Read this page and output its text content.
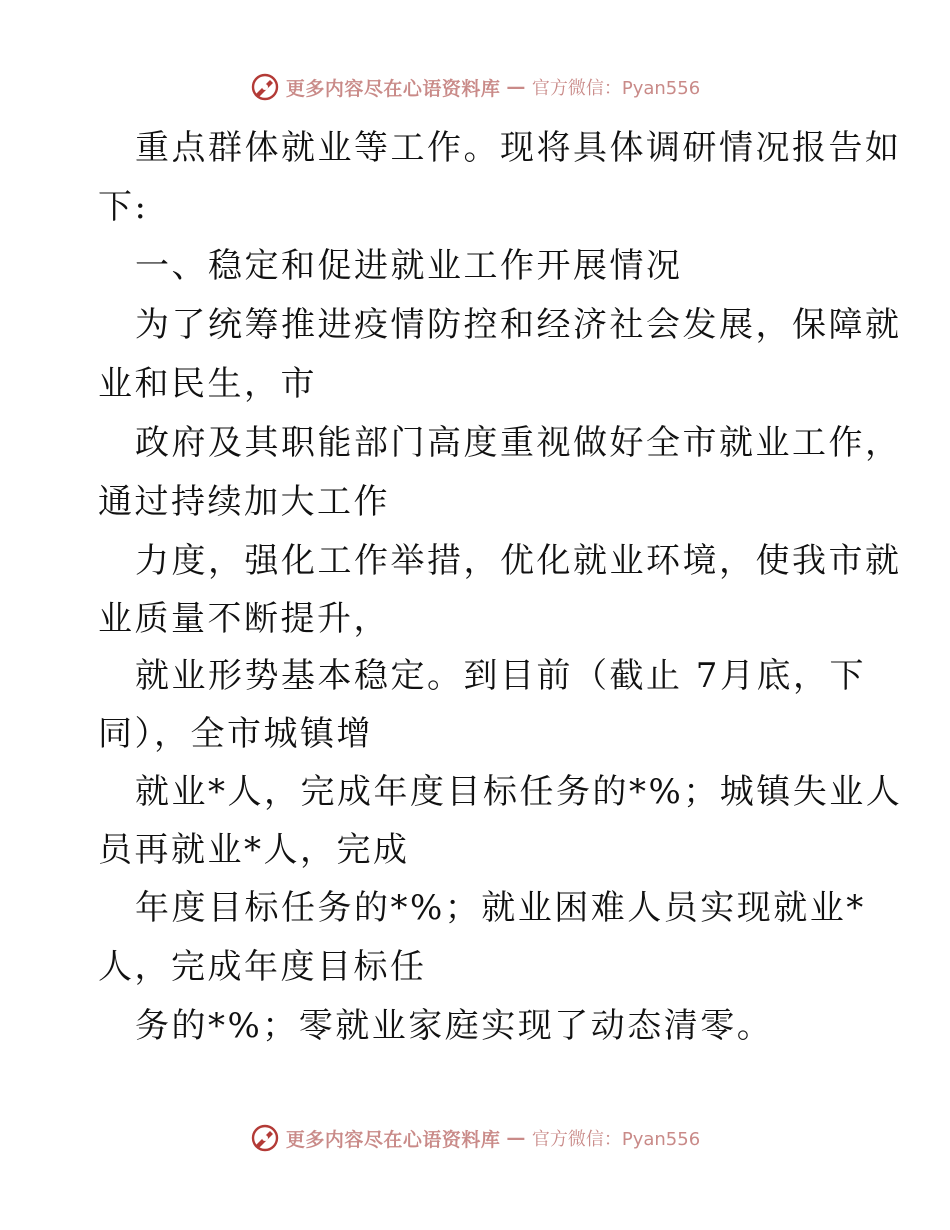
更多内容尽在心语资料库 — 官方微信：Pyan556
重点群体就业等工作。现将具体调研情况报告如
下:
一、稳定和促进就业工作开展情况
为了统筹推进疫情防控和经济社会发展，保障就
业和民生，市
政府及其职能部门高度重视做好全市就业工作，
通过持续加大工作
力度，强化工作举措，优化就业环境，使我市就
业质量不断提升，
就业形势基本稳定。到目前（截止 7月底，下
同），全市城镇增
就业*人，完成年度目标任务的*%；城镇失业人
员再就业*人，完成
年度目标任务的*%；就业困难人员实现就业*
人，完成年度目标任
务的*%；零就业家庭实现了动态清零。
更多内容尽在心语资料库 — 官方微信：Pyan556
